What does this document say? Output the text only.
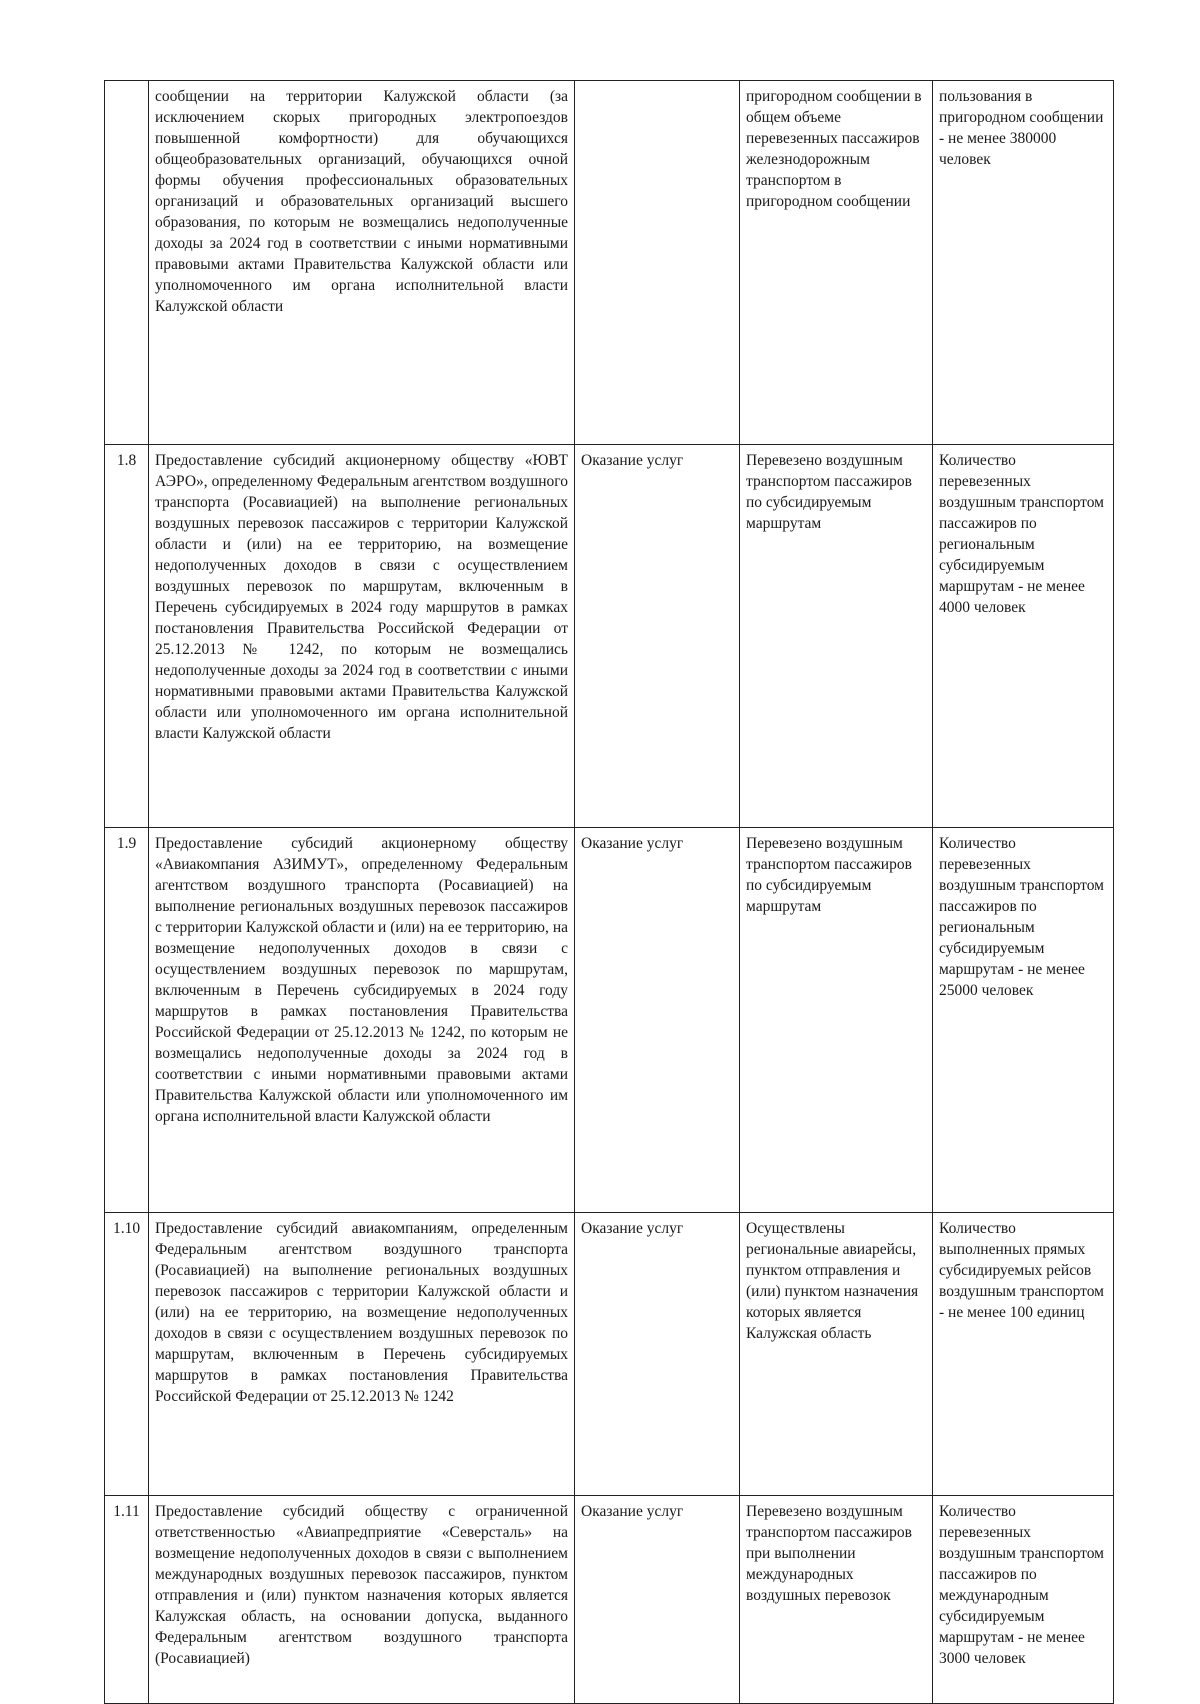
	сообщении на территории Калужской области (за исключением скорых пригородных электропоездов повышенной комфортности) для обучающихся общеобразовательных организаций, обучающихся очной формы обучения профессиональных образовательных организаций и образовательных организаций высшего образования, по которым не возмещались недополученные доходы за 2024 год в соответствии с иными нормативными правовыми актами Правительства Калужской области или уполномоченного им органа исполнительной власти Калужской области		пригородном сообщении в общем объеме перевезенных пассажиров железнодорожным транспортом в пригородном сообщении	пользования в пригородном сообщении - не менее 380000 человек
1.8	Предоставление субсидий акционерному обществу «ЮВТ АЭРО», определенному Федеральным агентством воздушного транспорта (Росавиацией) на выполнение региональных воздушных перевозок пассажиров с территории Калужской области и (или) на ее территорию, на возмещение недополученных доходов в связи с осуществлением воздушных перевозок по маршрутам, включенным в Перечень субсидируемых в 2024 году маршрутов в рамках постановления Правительства Российской Федерации от 25.12.2013 № 1242, по которым не возмещались недополученные доходы за 2024 год в соответствии с иными нормативными правовыми актами Правительства Калужской области или уполномоченного им органа исполнительной власти Калужской области	Оказание услуг	Перевезено воздушным транспортом пассажиров по субсидируемым маршрутам	Количество перевезенных воздушным транспортом пассажиров по региональным субсидируемым маршрутам - не менее 4000 человек
1.9	Предоставление субсидий акционерному обществу «Авиакомпания АЗИМУТ», определенному Федеральным агентством воздушного транспорта (Росавиацией) на выполнение региональных воздушных перевозок пассажиров с территории Калужской области и (или) на ее территорию, на возмещение недополученных доходов в связи с осуществлением воздушных перевозок по маршрутам, включенным в Перечень субсидируемых в 2024 году маршрутов в рамках постановления Правительства Российской Федерации от 25.12.2013 № 1242, по которым не возмещались недополученные доходы за 2024 год в соответствии с иными нормативными правовыми актами Правительства Калужской области или уполномоченного им органа исполнительной власти Калужской области	Оказание услуг	Перевезено воздушным транспортом пассажиров по субсидируемым маршрутам	Количество перевезенных воздушным транспортом пассажиров по региональным субсидируемым маршрутам - не менее 25000 человек
1.10	Предоставление субсидий авиакомпаниям, определенным Федеральным агентством воздушного транспорта (Росавиацией) на выполнение региональных воздушных перевозок пассажиров с территории Калужской области и (или) на ее территорию, на возмещение недополученных доходов в связи с осуществлением воздушных перевозок по маршрутам, включенным в Перечень субсидируемых маршрутов в рамках постановления Правительства Российской Федерации от 25.12.2013 № 1242	Оказание услуг	Осуществлены региональные авиарейсы, пунктом отправления и (или) пунктом назначения которых является Калужская область	Количество выполненных прямых субсидируемых рейсов воздушным транспортом - не менее 100 единиц
1.11	Предоставление субсидий обществу с ограниченной ответственностью «Авиапредприятие «Северсталь» на возмещение недополученных доходов в связи с выполнением международных воздушных перевозок пассажиров, пунктом отправления и (или) пунктом назначения которых является Калужская область, на основании допуска, выданного Федеральным агентством воздушного транспорта (Росавиацией)	Оказание услуг	Перевезено воздушным транспортом пассажиров при выполнении международных воздушных перевозок	Количество перевезенных воздушным транспортом пассажиров по международным субсидируемым маршрутам - не менее 3000 человек
